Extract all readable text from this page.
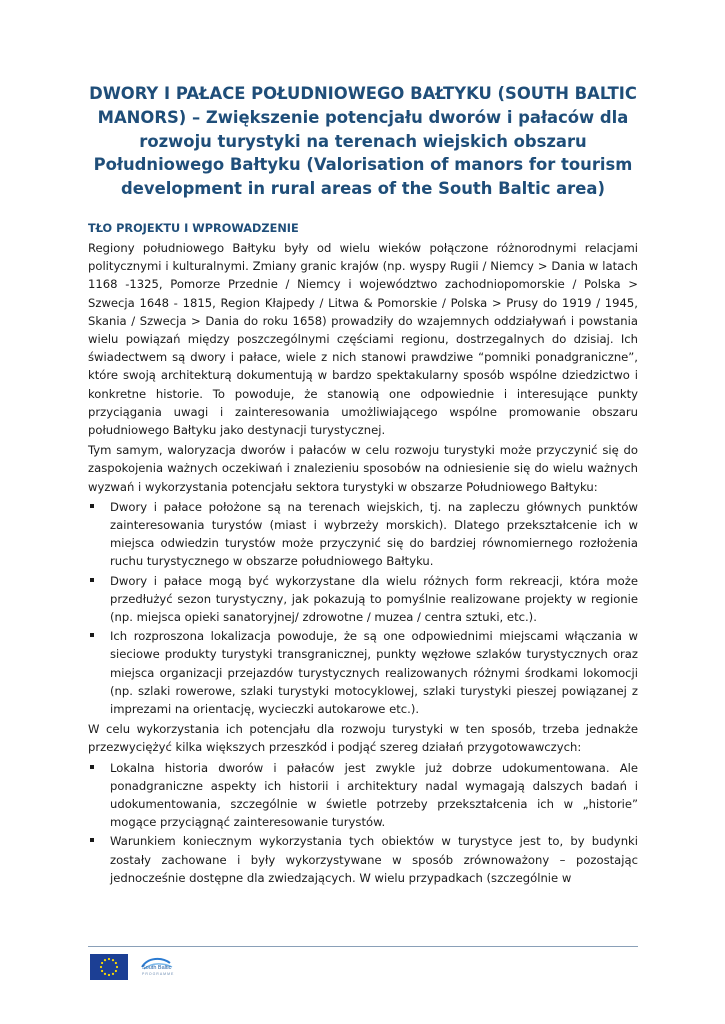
DWORY I PAŁACE POŁUDNIOWEGO BAŁTYKU (SOUTH BALTIC MANORS) – Zwiększenie potencjału dworów i pałaców dla rozwoju turystyki na terenach wiejskich obszaru Południowego Bałtyku (Valorisation of manors for tourism development in rural areas of the South Baltic area)
TŁO PROJEKTU I WPROWADZENIE

Regiony południowego Bałtyku były od wielu wieków połączone różnorodnymi relacjami politycznymi i kulturalnymi. Zmiany granic krajów (np. wyspy Rugii / Niemcy > Dania w latach 1168 -1325, Pomorze Przednie / Niemcy i województwo zachodniopomorskie / Polska > Szwecja 1648 - 1815, Region Kłajpedy / Litwa & Pomorskie / Polska > Prusy do 1919 / 1945, Skania / Szwecja > Dania do roku 1658) prowadziły do wzajemnych oddziaływań i powstania wielu powiązań między poszczególnymi częściami regionu, dostrzegalnych do dzisiaj. Ich świadectwem są dwory i pałace, wiele z nich stanowi prawdziwe “pomniki ponadgraniczne”, które swoją architekturą dokumentują w bardzo spektakularny sposób wspólne dziedzictwo i konkretne historie. To powoduje, że stanowią one odpowiednie i interesujące punkty przyciągania uwagi i zainteresowania umożliwiającego wspólne promowanie obszaru południowego Bałtyku jako destynacji turystycznej.

Tym samym, waloryzacja dworów i pałaców w celu rozwoju turystyki może przyczynić się do zaspokojenia ważnych oczekiwań i znalezieniu sposobów na odniesienie się do wielu ważnych wyzwań i wykorzystania potencjału sektora turystyki w obszarze Południowego Bałtyku:

Dwory i pałace położone są na terenach wiejskich, tj. na zapleczu głównych punktów zainteresowania turystów (miast i wybrzeży morskich). Dlatego przekształcenie ich w miejsca odwiedzin turystów może przyczynić się do bardziej równomiernego rozłożenia ruchu turystycznego w obszarze południowego Bałtyku.
Dwory i pałace mogą być wykorzystane dla wielu różnych form rekreacji, która może przedłużyć sezon turystyczny, jak pokazują to pomyślnie realizowane projekty w regionie (np. miejsca opieki sanatoryjnej/ zdrowotne / muzea / centra sztuki, etc.).
Ich rozproszona lokalizacja powoduje, że są one odpowiednimi miejscami włączania w sieciowe produkty turystyki transgranicznej, punkty węzłowe szlaków turystycznych oraz miejsca organizacji przejazdów turystycznych realizowanych różnymi środkami lokomocji (np. szlaki rowerowe, szlaki turystyki motocyklowej, szlaki turystyki pieszej powiązanej z imprezami na orientację, wycieczki autokarowe etc.).

W celu wykorzystania ich potencjału dla rozwoju turystyki w ten sposób, trzeba jednakże przezwyciężyć kilka większych przeszkód i podjąć szereg działań przygotowawczych:

Lokalna historia dworów i pałaców jest zwykle już dobrze udokumentowana. Ale ponadgraniczne aspekty ich historii i architektury nadal wymagają dalszych badań i udokumentowania, szczególnie w świetle potrzeby przekształcenia ich w „historie” mogące przyciągnąć zainteresowanie turystów.
Warunkiem koniecznym wykorzystania tych obiektów w turystyce jest to, by budynki zostały zachowane i były wykorzystywane w sposób zrównoważony – pozostając jednocześnie dostępne dla zwiedzających. W wielu przypadkach (szczególnie w
South Baltic
PROGRAMME
